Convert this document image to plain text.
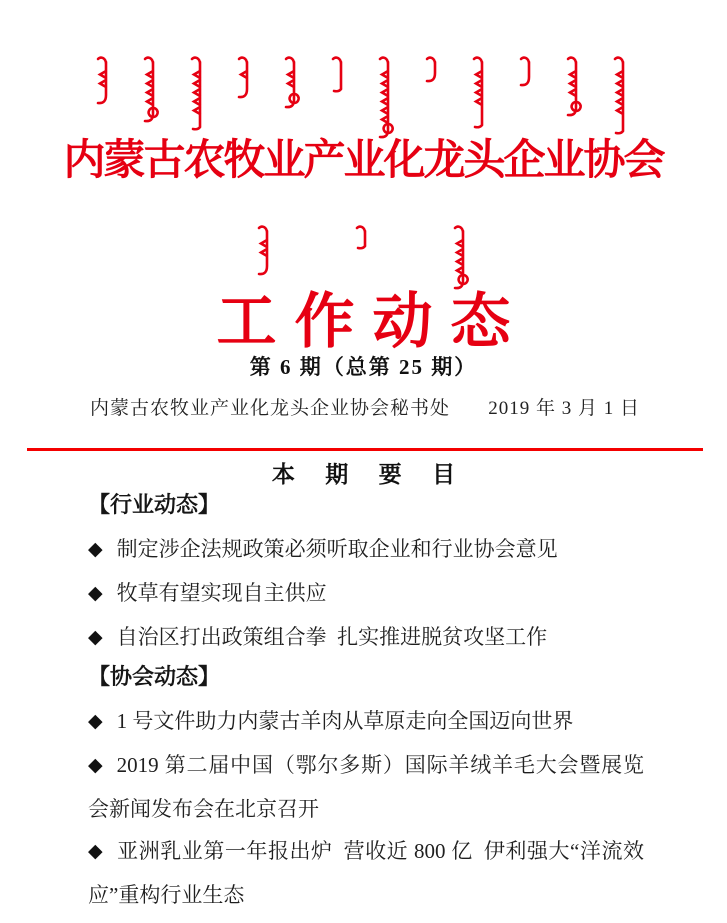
内蒙古农牧业产业化龙头企业协会
工作动态
第 6 期（总第 25 期）
内蒙古农牧业产业化龙头企业协会秘书处 2019 年 3 月 1 日
本 期 要 目

【行业动态】

◆ 制定涉企法规政策必须听取企业和行业协会意见

◆ 牧草有望实现自主供应

◆ 自治区打出政策组合拳 扎实推进脱贫攻坚工作

【协会动态】

◆ 1 号文件助力内蒙古羊肉从草原走向全国迈向世界

◆ 2019 第二届中国（鄂尔多斯）国际羊绒羊毛大会暨展览会新闻发布会在北京召开

◆ 亚洲乳业第一年报出炉 营收近 800 亿 伊利强大“洋流效应”重构行业生态
